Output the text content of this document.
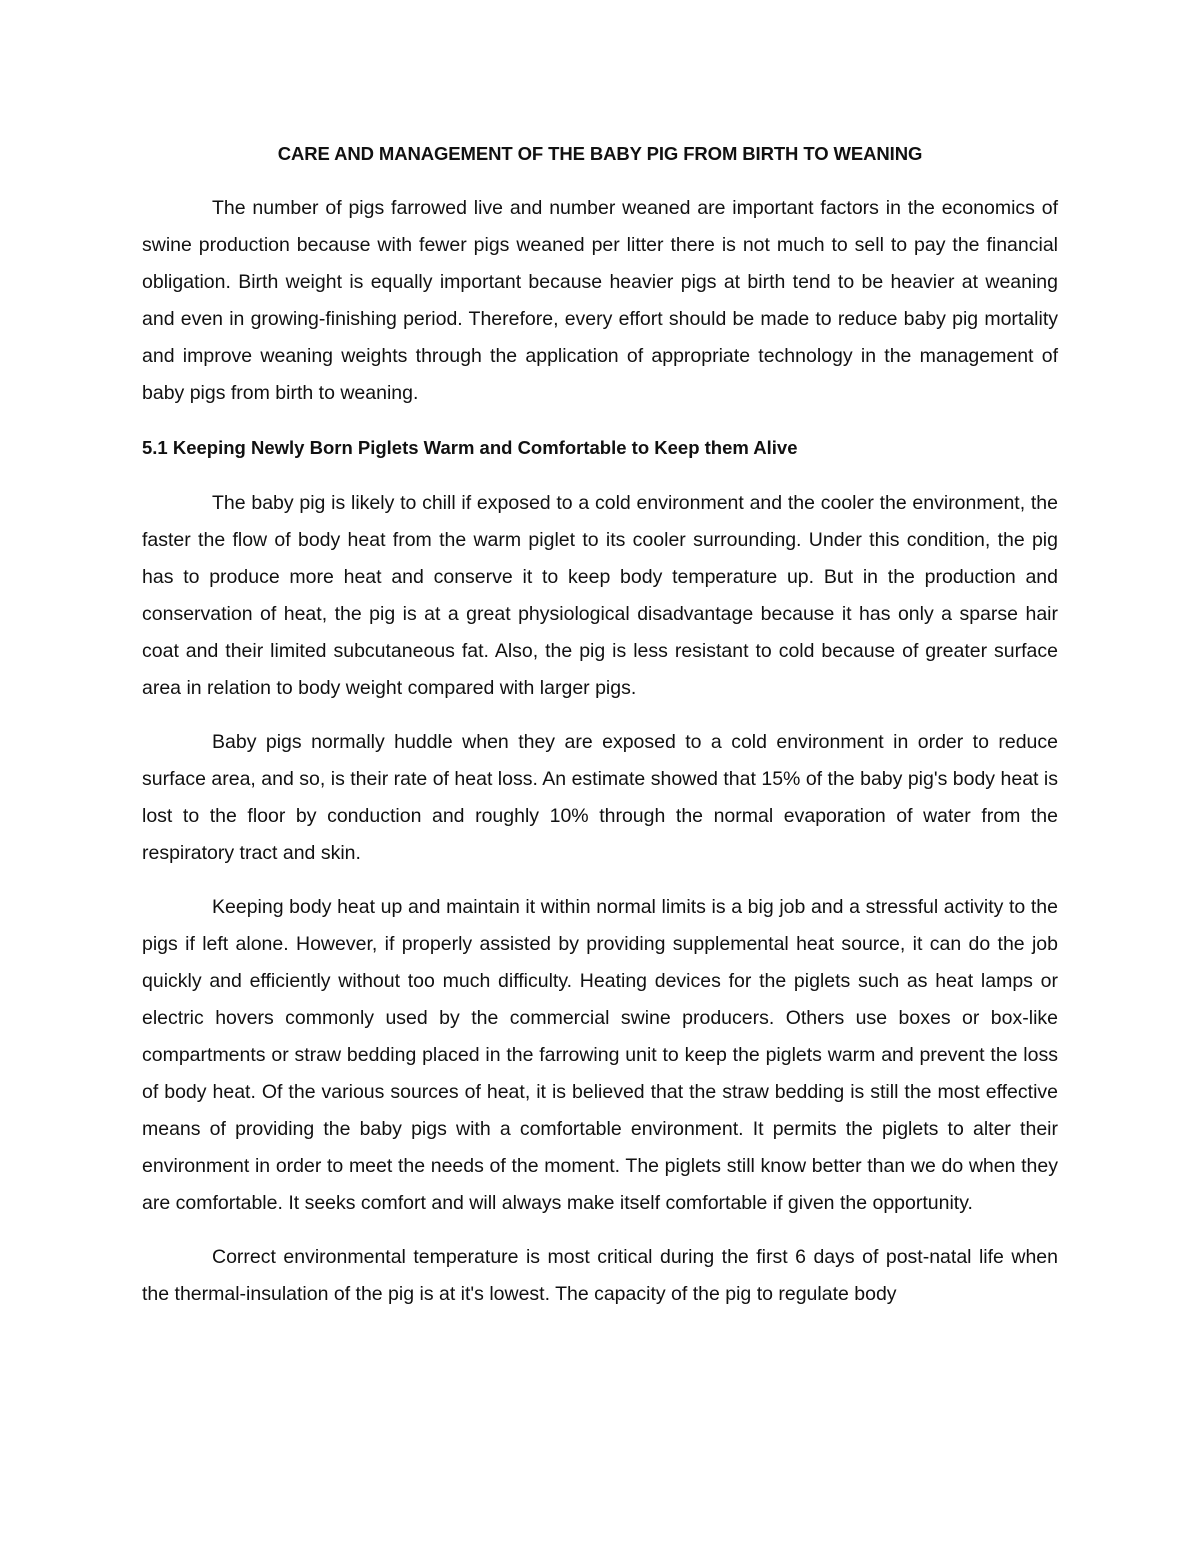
CARE AND MANAGEMENT OF THE BABY PIG FROM BIRTH TO WEANING

The number of pigs farrowed live and number weaned are important factors in the economics of swine production because with fewer pigs weaned per litter there is not much to sell to pay the financial obligation. Birth weight is equally important because heavier pigs at birth tend to be heavier at weaning and even in growing-finishing period. Therefore, every effort should be made to reduce baby pig mortality and improve weaning weights through the application of appropriate technology in the management of baby pigs from birth to weaning.

5.1 Keeping Newly Born Piglets Warm and Comfortable to Keep them Alive

The baby pig is likely to chill if exposed to a cold environment and the cooler the environment, the faster the flow of body heat from the warm piglet to its cooler surrounding. Under this condition, the pig has to produce more heat and conserve it to keep body temperature up. But in the production and conservation of heat, the pig is at a great physiological disadvantage because it has only a sparse hair coat and their limited subcutaneous fat. Also, the pig is less resistant to cold because of greater surface area in relation to body weight compared with larger pigs.

Baby pigs normally huddle when they are exposed to a cold environment in order to reduce surface area, and so, is their rate of heat loss. An estimate showed that 15% of the baby pig's body heat is lost to the floor by conduction and roughly 10% through the normal evaporation of water from the respiratory tract and skin.

Keeping body heat up and maintain it within normal limits is a big job and a stressful activity to the pigs if left alone. However, if properly assisted by providing supplemental heat source, it can do the job quickly and efficiently without too much difficulty. Heating devices for the piglets such as heat lamps or electric hovers commonly used by the commercial swine producers. Others use boxes or box-like compartments or straw bedding placed in the farrowing unit to keep the piglets warm and prevent the loss of body heat. Of the various sources of heat, it is believed that the straw bedding is still the most effective means of providing the baby pigs with a comfortable environment. It permits the piglets to alter their environment in order to meet the needs of the moment. The piglets still know better than we do when they are comfortable. It seeks comfort and will always make itself comfortable if given the opportunity.

Correct environmental temperature is most critical during the first 6 days of post-natal life when the thermal-insulation of the pig is at it's lowest. The capacity of the pig to regulate body
